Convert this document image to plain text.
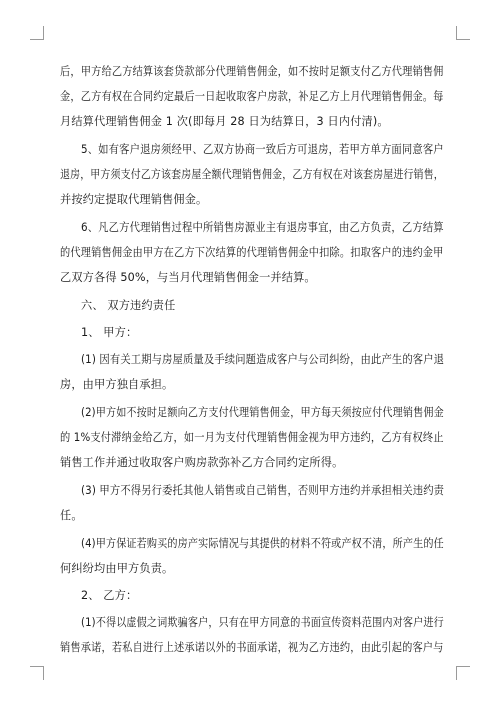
后，甲方给乙方结算该套贷款部分代理销售佣金，如不按时足额支付乙方代理销售佣
金，乙方有权在合同约定最后一日起收取客户房款，补足乙方上月代理销售佣金。每
月结算代理销售佣金 1 次(即每月 28 日为结算日，3 日内付清)。
5、如有客户退房须经甲、乙双方协商一致后方可退房，若甲方单方面同意客户
退房，甲方须支付乙方该套房屋全额代理销售佣金，乙方有权在对该套房屋进行销售，
并按约定提取代理销售佣金。
6、凡乙方代理销售过程中所销售房源业主有退房事宜，由乙方负责，乙方结算
的代理销售佣金由甲方在乙方下次结算的代理销售佣金中扣除。扣取客户的违约金甲
乙双方各得 50%，与当月代理销售佣金一并结算。
六、 双方违约责任
1、 甲方：
(1) 因有关工期与房屋质量及手续问题造成客户与公司纠纷，由此产生的客户退
房，由甲方独自承担。
(2)甲方如不按时足额向乙方支付代理销售佣金，甲方每天须按应付代理销售佣金
的 1%支付滞纳金给乙方，如一月为支付代理销售佣金视为甲方违约，乙方有权终止
销售工作并通过收取客户购房款弥补乙方合同约定所得。
(3) 甲方不得另行委托其他人销售或自己销售，否则甲方违约并承担相关违约责
任。
(4)甲方保证若购买的房产实际情况与其提供的材料不符或产权不清，所产生的任
何纠纷均由甲方负责。
2、 乙方：
(1)不得以虚假之词欺骗客户，只有在甲方同意的书面宣传资料范围内对客户进行
销售承诺，若私自进行上述承诺以外的书面承诺，视为乙方违约，由此引起的客户与
